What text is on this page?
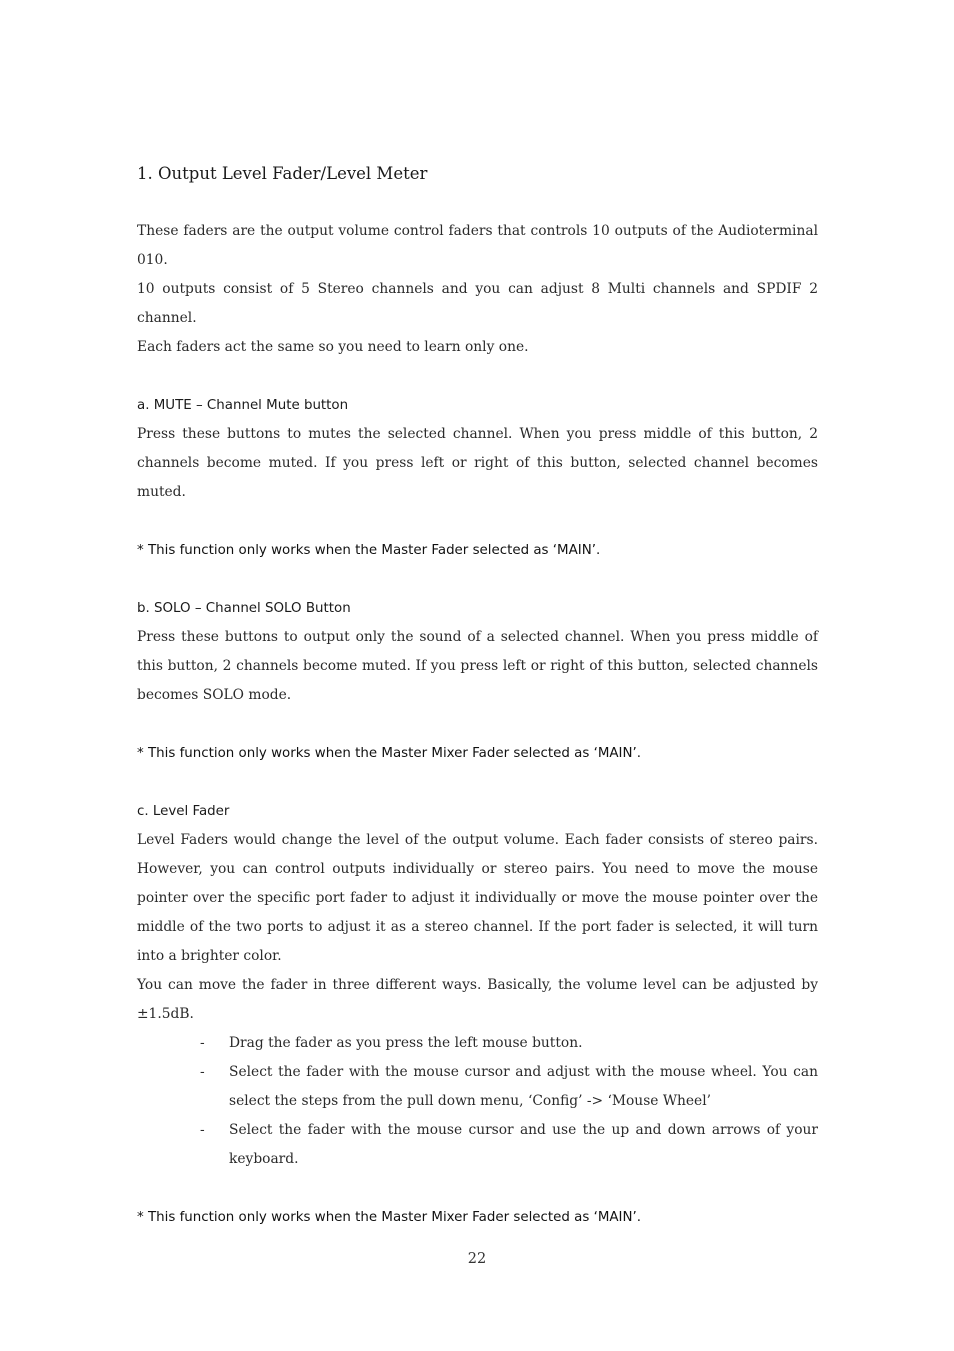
1. Output Level Fader/Level Meter

These faders are the output volume control faders that controls 10 outputs of the Audioterminal 010.

10 outputs consist of 5 Stereo channels and you can adjust 8 Multi channels and SPDIF 2 channel.

Each faders act the same so you need to learn only one.

a. MUTE – Channel Mute button

Press these buttons to mutes the selected channel. When you press middle of this button, 2 channels become muted. If you press left or right of this button, selected channel becomes muted.

* This function only works when the Master Fader selected as ‘MAIN’.

b. SOLO – Channel SOLO Button

Press these buttons to output only the sound of a selected channel. When you press middle of this button, 2 channels become muted. If you press left or right of this button, selected channels becomes SOLO mode.

* This function only works when the Master Mixer Fader selected as ‘MAIN’.

c. Level Fader

Level Faders would change the level of the output volume. Each fader consists of stereo pairs. However, you can control outputs individually or stereo pairs. You need to move the mouse pointer over the specific port fader to adjust it individually or move the mouse pointer over the middle of the two ports to adjust it as a stereo channel. If the port fader is selected, it will turn into a brighter color.

You can move the fader in three different ways. Basically, the volume level can be adjusted by ±1.5dB.

- Drag the fader as you press the left mouse button.
- Select the fader with the mouse cursor and adjust with the mouse wheel. You can select the steps from the pull down menu, ‘Config’ -> ‘Mouse Wheel’
- Select the fader with the mouse cursor and use the up and down arrows of your keyboard.

* This function only works when the Master Mixer Fader selected as ‘MAIN’.

22
